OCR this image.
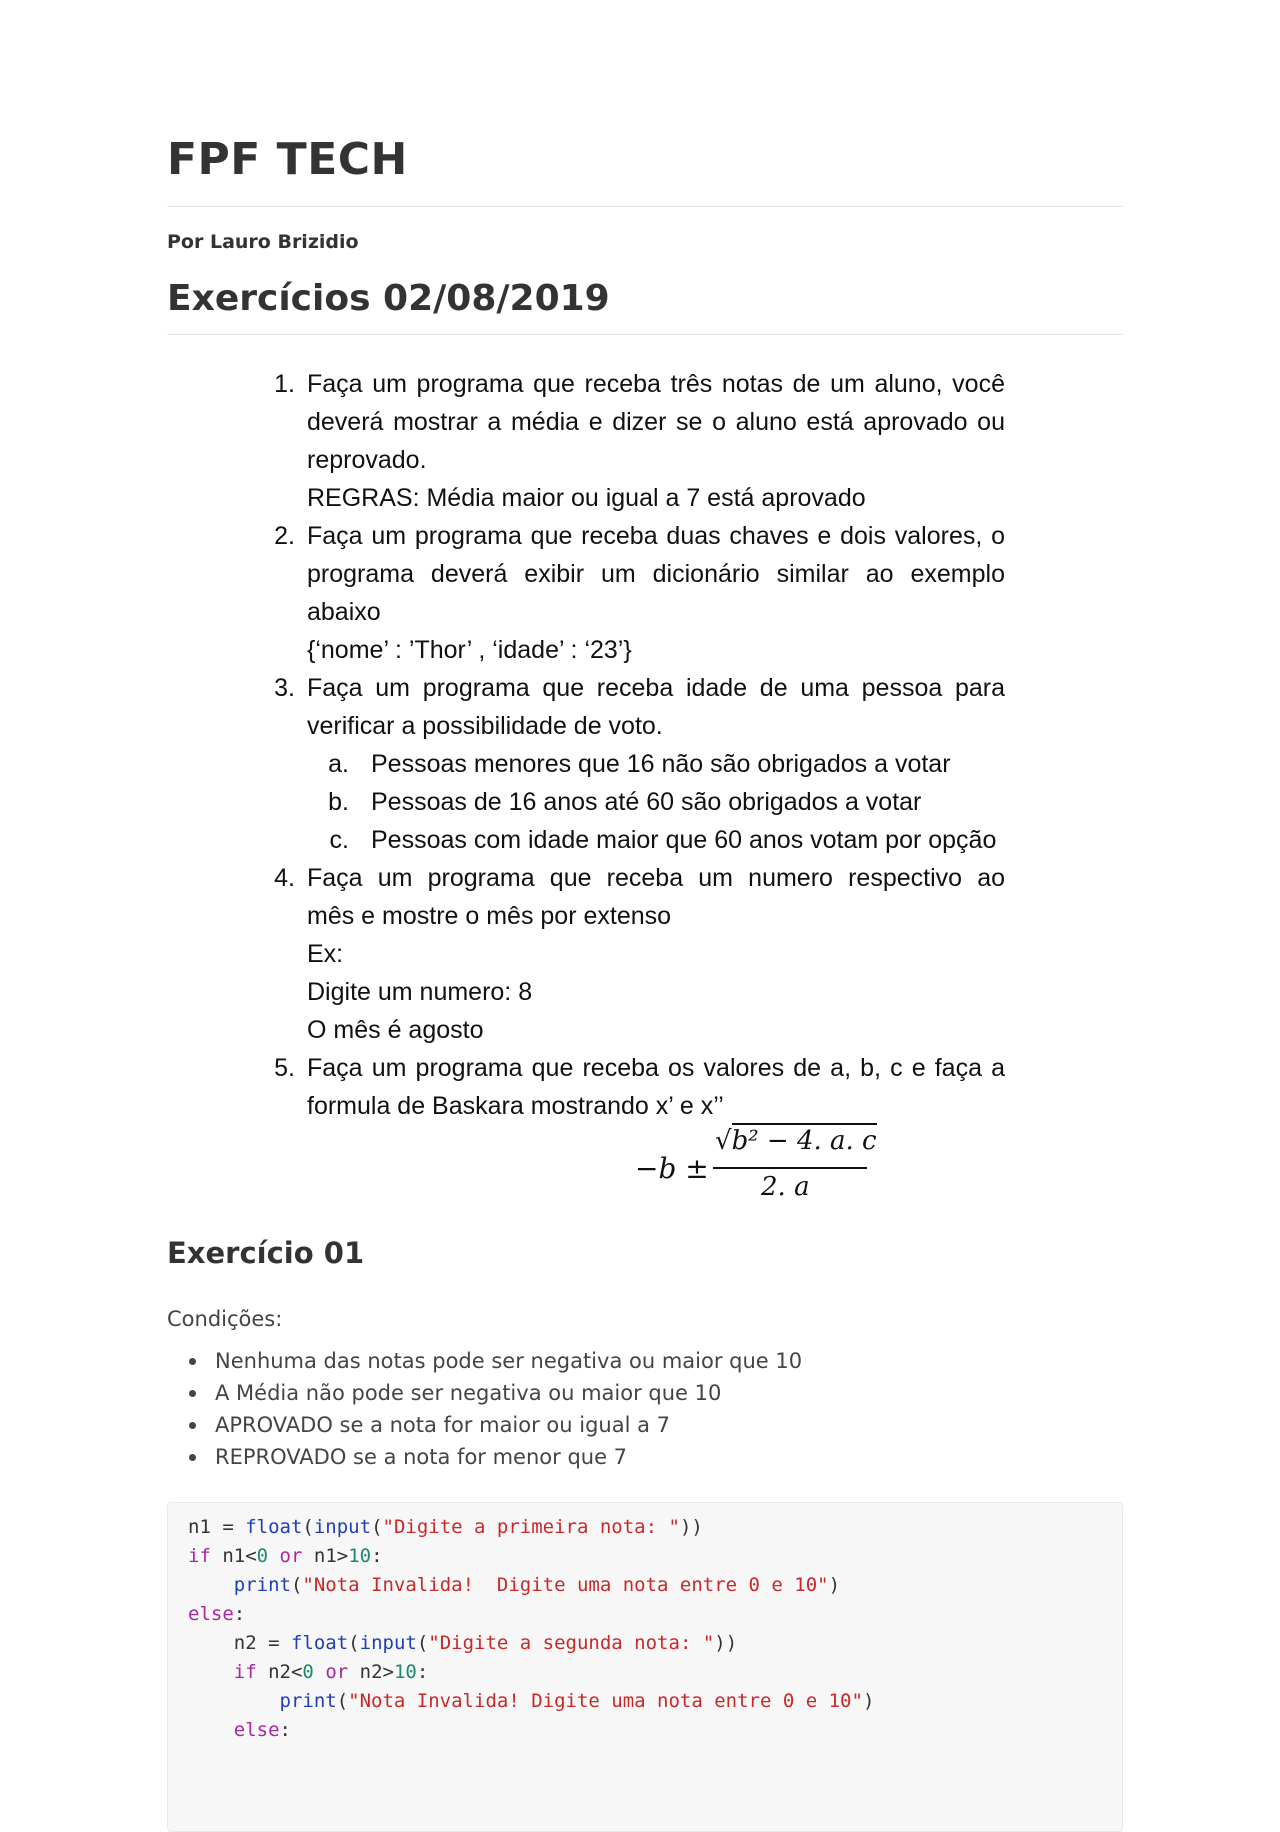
FPF TECH
Por Lauro Brizidio
Exercícios 02/08/2019
1. Faça um programa que receba três notas de um aluno, você
deverá mostrar a média e dizer se o aluno está aprovado ou
reprovado.
REGRAS: Média maior ou igual a 7 está aprovado
2. Faça um programa que receba duas chaves e dois valores, o
programa deverá exibir um dicionário similar ao exemplo
abaixo
{‘nome’ : ’Thor’ , ‘idade’ : ‘23’}
3. Faça um programa que receba idade de uma pessoa para
verificar a possibilidade de voto.
a. Pessoas menores que 16 não são obrigados a votar
b. Pessoas de 16 anos até 60 são obrigados a votar
c. Pessoas com idade maior que 60 anos votam por opção
4. Faça um programa que receba um numero respectivo ao
mês e mostre o mês por extenso
Ex:
Digite um numero: 8
O mês é agosto
5. Faça um programa que receba os valores de a, b, c e faça a
formula de Baskara mostrando x’ e x’’
−b ±
√b² − 4. a. c
2. a
Exercício 01
Condições:
Nenhuma das notas pode ser negativa ou maior que 10
A Média não pode ser negativa ou maior que 10
APROVADO se a nota for maior ou igual a 7
REPROVADO se a nota for menor que 7
n1 = float(input("Digite a primeira nota: "))
if n1<0 or n1>10:
print("Nota Invalida!  Digite uma nota entre 0 e 10")
else:
n2 = float(input("Digite a segunda nota: "))
if n2<0 or n2>10:
print("Nota Invalida! Digite uma nota entre 0 e 10")
else:
